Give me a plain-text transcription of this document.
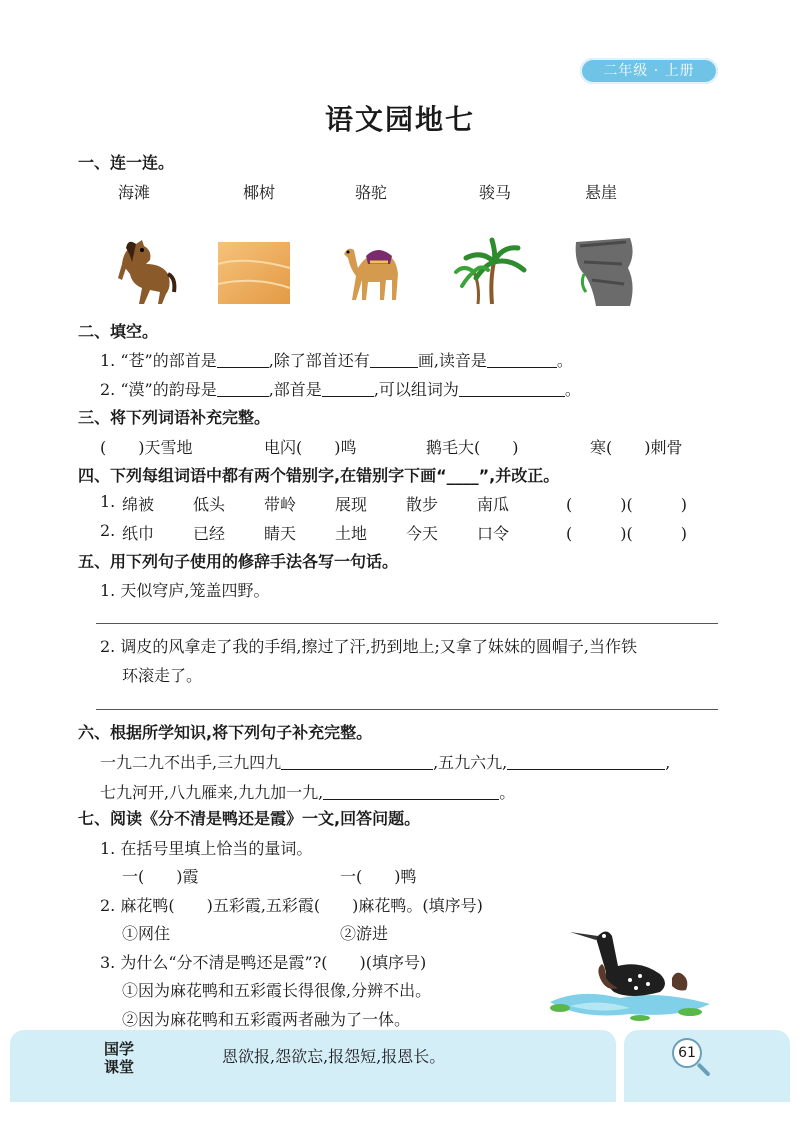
二年级 · 上册
语文园地七
一、连一连。
海滩	椰树	骆驼	骏马	悬崖
二、填空。
1. “苍”的部首是	,除了部首还有	画,读音是	。
2. “漠”的韵母是	,部首是	,可以组词为	。
三、将下列词语补充完整。
(　　)天雪地	电闪(　　)鸣	鹅毛大(　　)	寒(　　)刺骨
四、下列每组词语中都有两个错别字,在错别字下画“____”,并改正。
1. 绵被 低头 带岭 展现 散步 南瓜	(　　　)(　　　)
2. 纸巾 已经 睛天 土地 今天 口令	(　　　)(　　　)
五、用下列句子使用的修辞手法各写一句话。
1. 天似穹庐,笼盖四野。
2. 调皮的风拿走了我的手绢,擦过了汗,扔到地上;又拿了妹妹的圆帽子,当作铁
环滚走了。
六、根据所学知识,将下列句子补充完整。
一九二九不出手,三九四九	,五九六九,	,
七九河开,八九雁来,九九加一九,	。
七、阅读《分不清是鸭还是霞》一文,回答问题。
1. 在括号里填上恰当的量词。
一(　　)霞	一(　　)鸭
2. 麻花鸭(　　)五彩霞,五彩霞(　　)麻花鸭。(填序号)
①网住	②游进
3. 为什么“分不清是鸭还是霞”?(　　)(填序号)
①因为麻花鸭和五彩霞长得很像,分辨不出。
②因为麻花鸭和五彩霞两者融为了一体。
国学课堂
恩欲报,怨欲忘,报怨短,报恩长。	61
